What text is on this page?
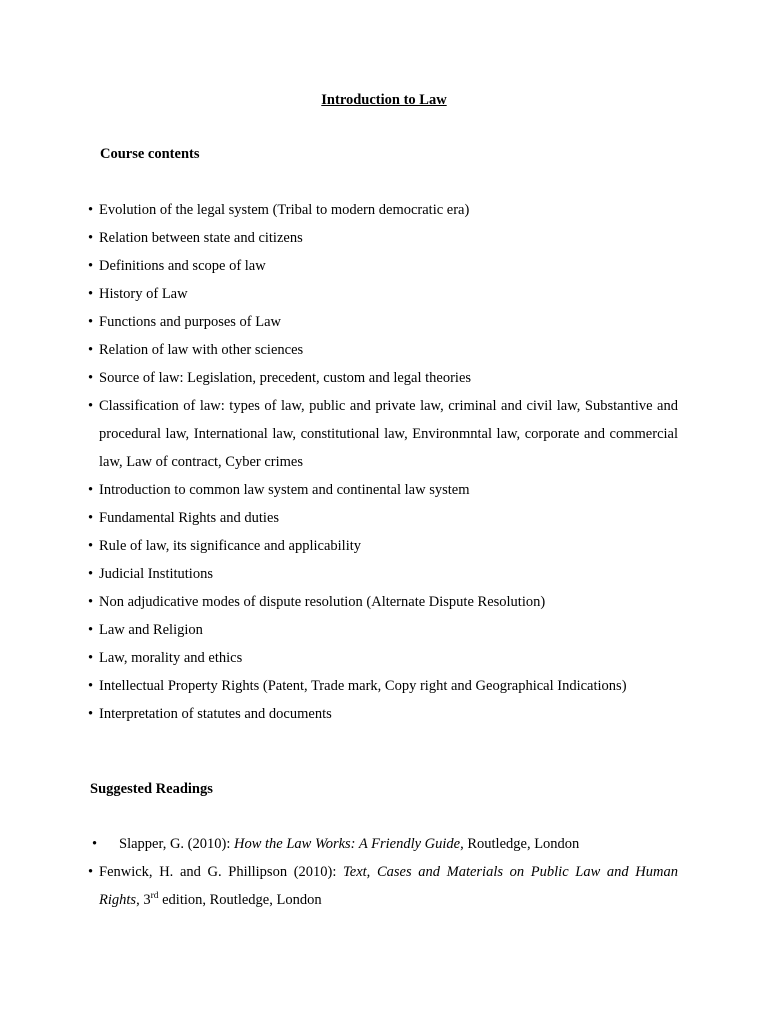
Introduction to Law
Course contents
• Evolution of the legal system (Tribal to modern democratic era)
• Relation between state and citizens
• Definitions and scope of law
• History of Law
• Functions and purposes of Law
• Relation of law with other sciences
• Source of law: Legislation, precedent, custom and legal theories
• Classification of law: types of law, public and private law, criminal and civil law, Substantive and procedural law, International law, constitutional law, Environmntal law, corporate and commercial law, Law of contract, Cyber crimes
• Introduction to common law system and continental law system
• Fundamental Rights and duties
• Rule of law, its significance and applicability
• Judicial Institutions
• Non adjudicative modes of dispute resolution (Alternate Dispute Resolution)
• Law and Religion
• Law, morality and ethics
• Intellectual Property Rights (Patent, Trade mark, Copy right and Geographical Indications)
• Interpretation of statutes and documents
Suggested Readings
• Slapper, G. (2010): How the Law Works: A Friendly Guide, Routledge, London
• Fenwick, H. and G. Phillipson (2010): Text, Cases and Materials on Public Law and Human Rights, 3rd edition, Routledge, London
